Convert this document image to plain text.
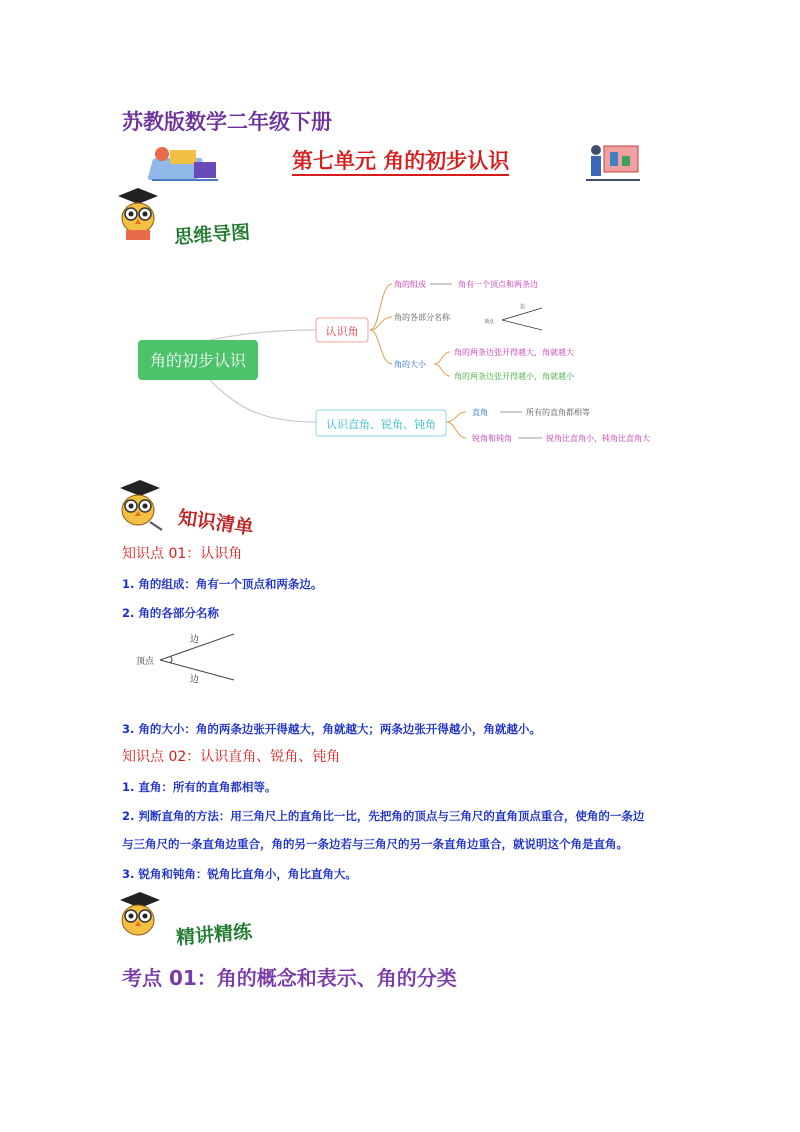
苏教版数学二年级下册
第七单元 角的初步认识
思维导图
角的初步认识
认识角
角的组成	角有一个顶点和两条边
角的各部分名称	顶点
边
角的大小
角的两条边张开得越大，角就越大
角的两条边张开得越小，角就越小
认识直角、锐角、钝角
直角	所有的直角都相等
锐角和钝角	锐角比直角小，钝角比直角大
知识清单
知识点 01：认识角
1. 角的组成：角有一个顶点和两条边。
2. 角的各部分名称
顶点
边
边
3. 角的大小：角的两条边张开得越大，角就越大；两条边张开得越小，角就越小。
知识点 02：认识直角、锐角、钝角
1. 直角：所有的直角都相等。
2. 判断直角的方法：用三角尺上的直角比一比，先把角的顶点与三角尺的直角顶点重合，使角的一条边
与三角尺的一条直角边重合，角的另一条边若与三角尺的另一条直角边重合，就说明这个角是直角。
3. 锐角和钝角：锐角比直角小，角比直角大。
精讲精练
考点 01：角的概念和表示、角的分类
